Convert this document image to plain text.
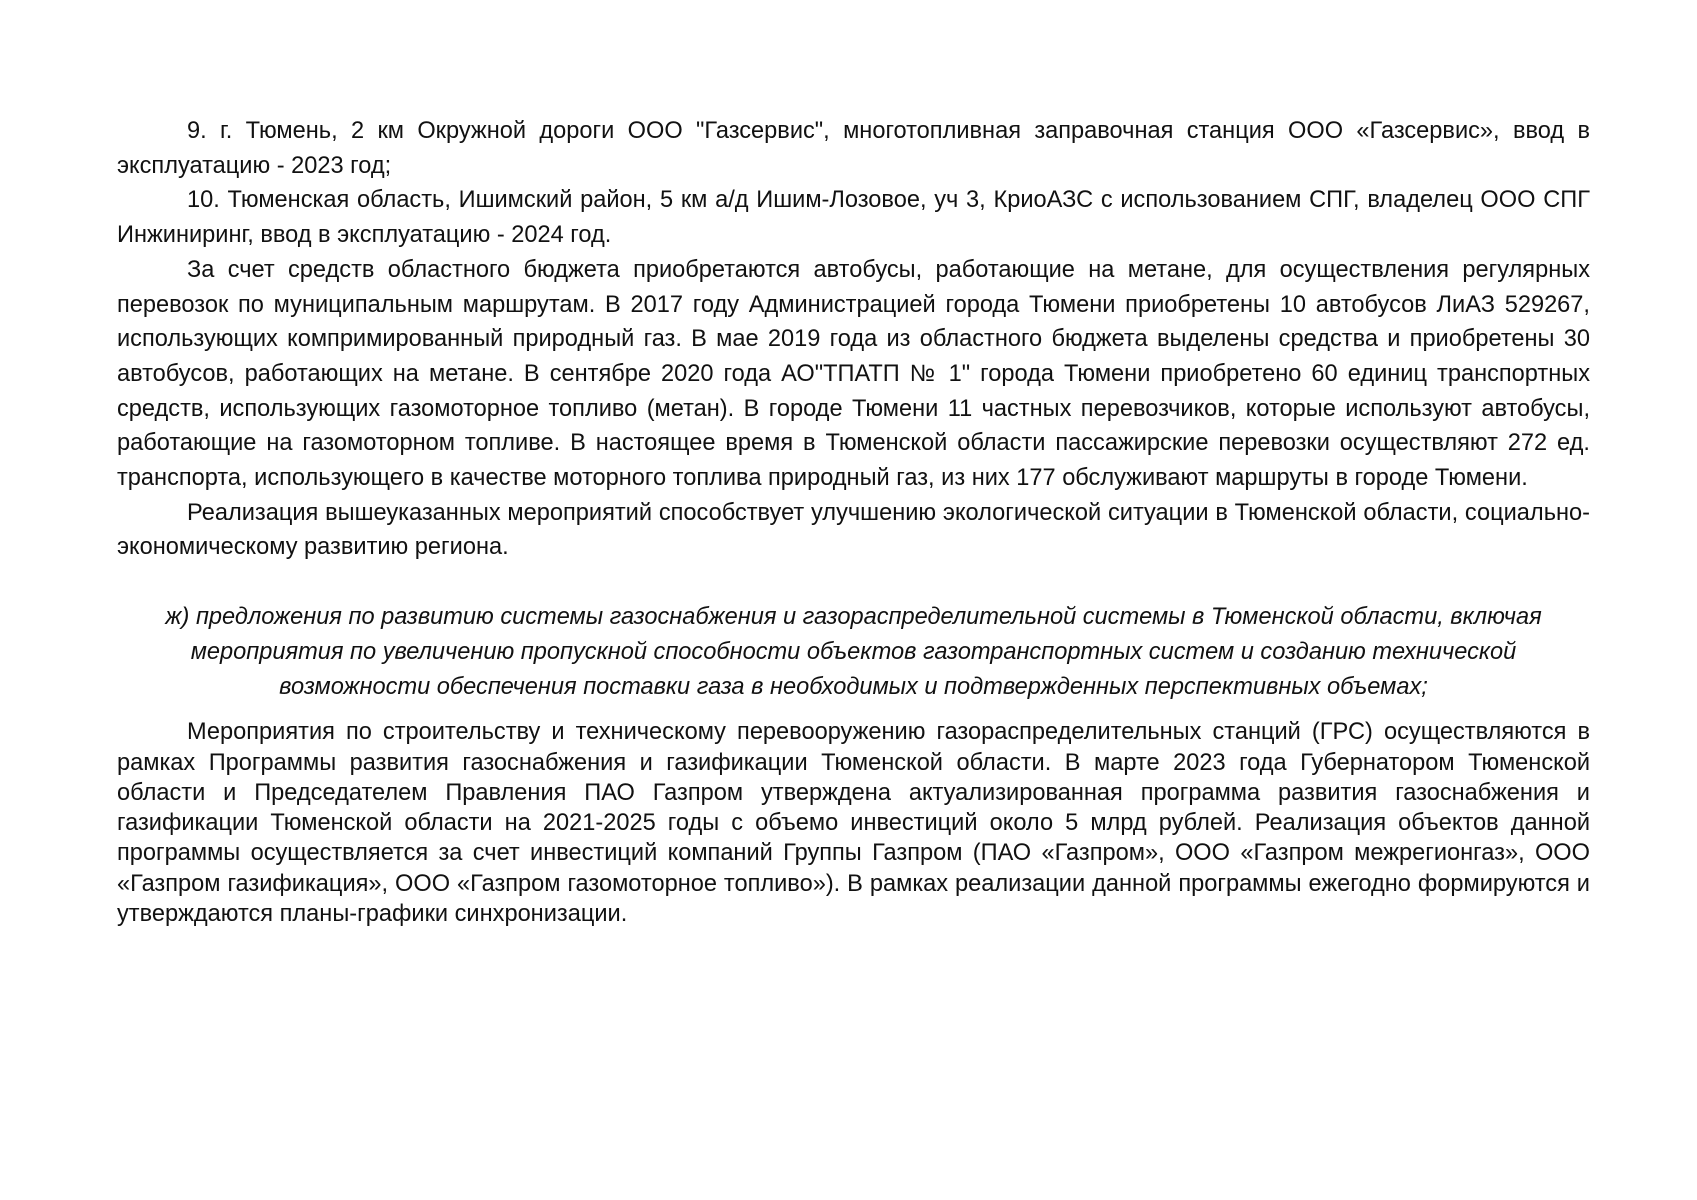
9. г. Тюмень, 2 км Окружной дороги ООО "Газсервис", многотопливная заправочная станция ООО «Газсервис», ввод в эксплуатацию - 2023 год;

10. Тюменская область, Ишимский район, 5 км а/д Ишим-Лозовое, уч 3, КриоАЗС с использованием СПГ, владелец ООО СПГ Инжиниринг, ввод в эксплуатацию - 2024 год.

За счет средств областного бюджета приобретаются автобусы, работающие на метане, для осуществления регулярных перевозок по муниципальным маршрутам. В 2017 году Администрацией города Тюмени приобретены 10 автобусов ЛиАЗ 529267, использующих компримированный природный газ. В мае 2019 года из областного бюджета выделены средства и приобретены 30 автобусов, работающих на метане. В сентябре 2020 года АО"ТПАТП № 1" города Тюмени приобретено 60 единиц транспортных средств, использующих газомоторное топливо (метан). В городе Тюмени 11 частных перевозчиков, которые используют автобусы, работающие на газомоторном топливе. В настоящее время в Тюменской области пассажирские перевозки осуществляют 272 ед. транспорта, использующего в качестве моторного топлива природный газ, из них 177 обслуживают маршруты в городе Тюмени.

Реализация вышеуказанных мероприятий способствует улучшению экологической ситуации в Тюменской области, социально-экономическому развитию региона.

ж) предложения по развитию системы газоснабжения и газораспределительной системы в Тюменской области, включая мероприятия по увеличению пропускной способности объектов газотранспортных систем и созданию технической возможности обеспечения поставки газа в необходимых и подтвержденных перспективных объемах;

Мероприятия по строительству и техническому перевооружению газораспределительных станций (ГРС) осуществляются в рамках Программы развития газоснабжения и газификации Тюменской области. В марте 2023 года Губернатором Тюменской области и Председателем Правления ПАО Газпром утверждена актуализированная программа развития газоснабжения и газификации Тюменской области на 2021-2025 годы с объемо инвестиций около 5 млрд рублей. Реализация объектов данной программы осуществляется за счет инвестиций компаний Группы Газпром (ПАО «Газпром», ООО «Газпром межрегионгаз», ООО «Газпром газификация», ООО «Газпром газомоторное топливо»). В рамках реализации данной программы ежегодно формируются и утверждаются планы-графики синхронизации.
